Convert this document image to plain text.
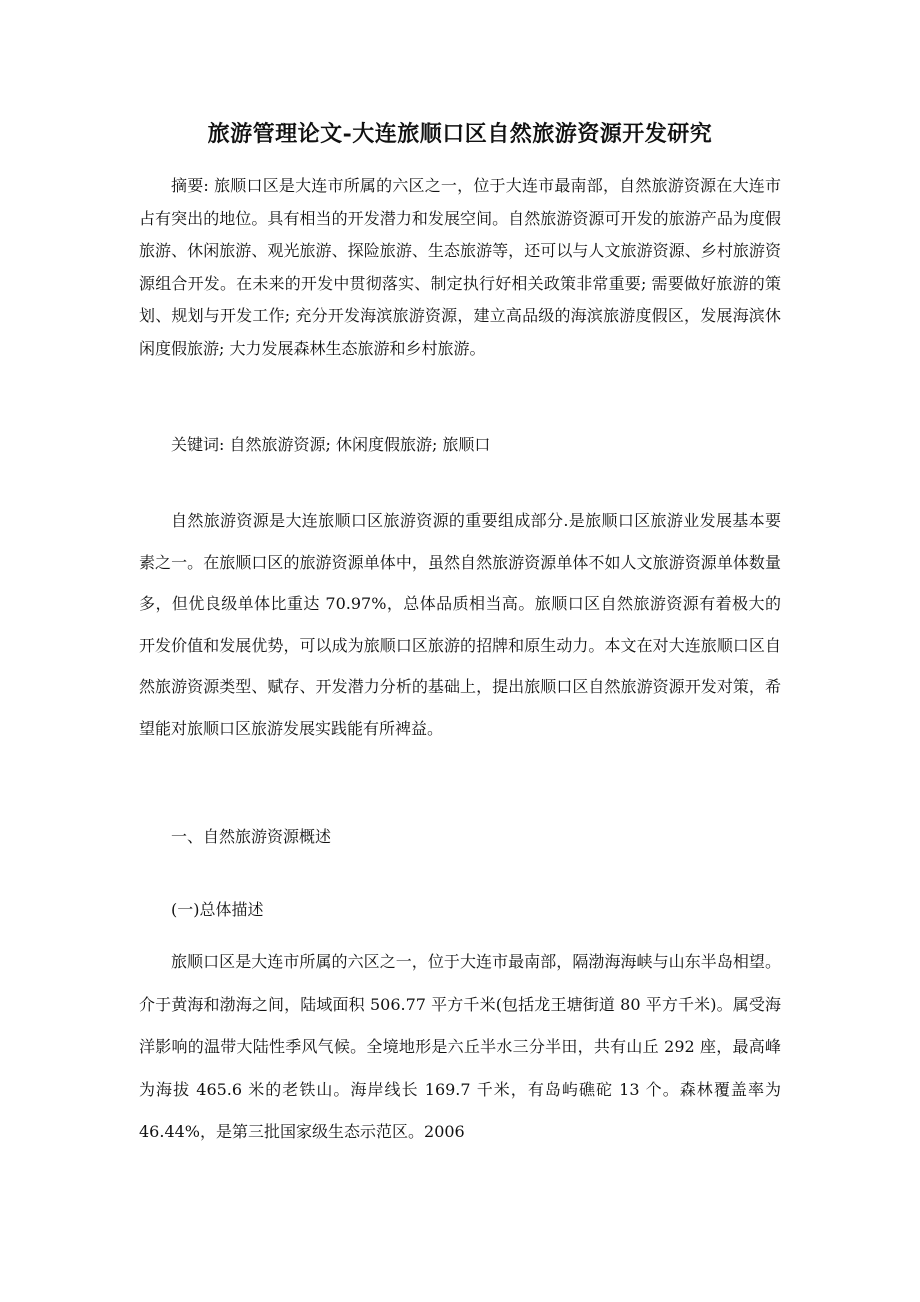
旅游管理论文-大连旅顺口区自然旅游资源开发研究

摘要: 旅顺口区是大连市所属的六区之一，位于大连市最南部，自然旅游资源在大连市占有突出的地位。具有相当的开发潜力和发展空间。自然旅游资源可开发的旅游产品为度假旅游、休闲旅游、观光旅游、探险旅游、生态旅游等，还可以与人文旅游资源、乡村旅游资源组合开发。在未来的开发中贯彻落实、制定执行好相关政策非常重要; 需要做好旅游的策划、规划与开发工作; 充分开发海滨旅游资源，建立高品级的海滨旅游度假区，发展海滨休闲度假旅游; 大力发展森林生态旅游和乡村旅游。

关键词: 自然旅游资源; 休闲度假旅游; 旅顺口

自然旅游资源是大连旅顺口区旅游资源的重要组成部分.是旅顺口区旅游业发展基本要素之一。在旅顺口区的旅游资源单体中，虽然自然旅游资源单体不如人文旅游资源单体数量多，但优良级单体比重达 70.97%，总体品质相当高。旅顺口区自然旅游资源有着极大的开发价值和发展优势，可以成为旅顺口区旅游的招牌和原生动力。本文在对大连旅顺口区自然旅游资源类型、赋存、开发潜力分析的基础上，提出旅顺口区自然旅游资源开发对策，希望能对旅顺口区旅游发展实践能有所裨益。

一、自然旅游资源概述

(一)总体描述

旅顺口区是大连市所属的六区之一，位于大连市最南部，隔渤海海峡与山东半岛相望。介于黄海和渤海之间，陆域面积 506.77 平方千米(包括龙王塘街道 80 平方千米)。属受海洋影响的温带大陆性季风气候。全境地形是六丘半水三分半田，共有山丘 292 座，最高峰为海拔 465.6 米的老铁山。海岸线长 169.7 千米，有岛屿礁砣 13 个。森林覆盖率为 46.44%，是第三批国家级生态示范区。2006
